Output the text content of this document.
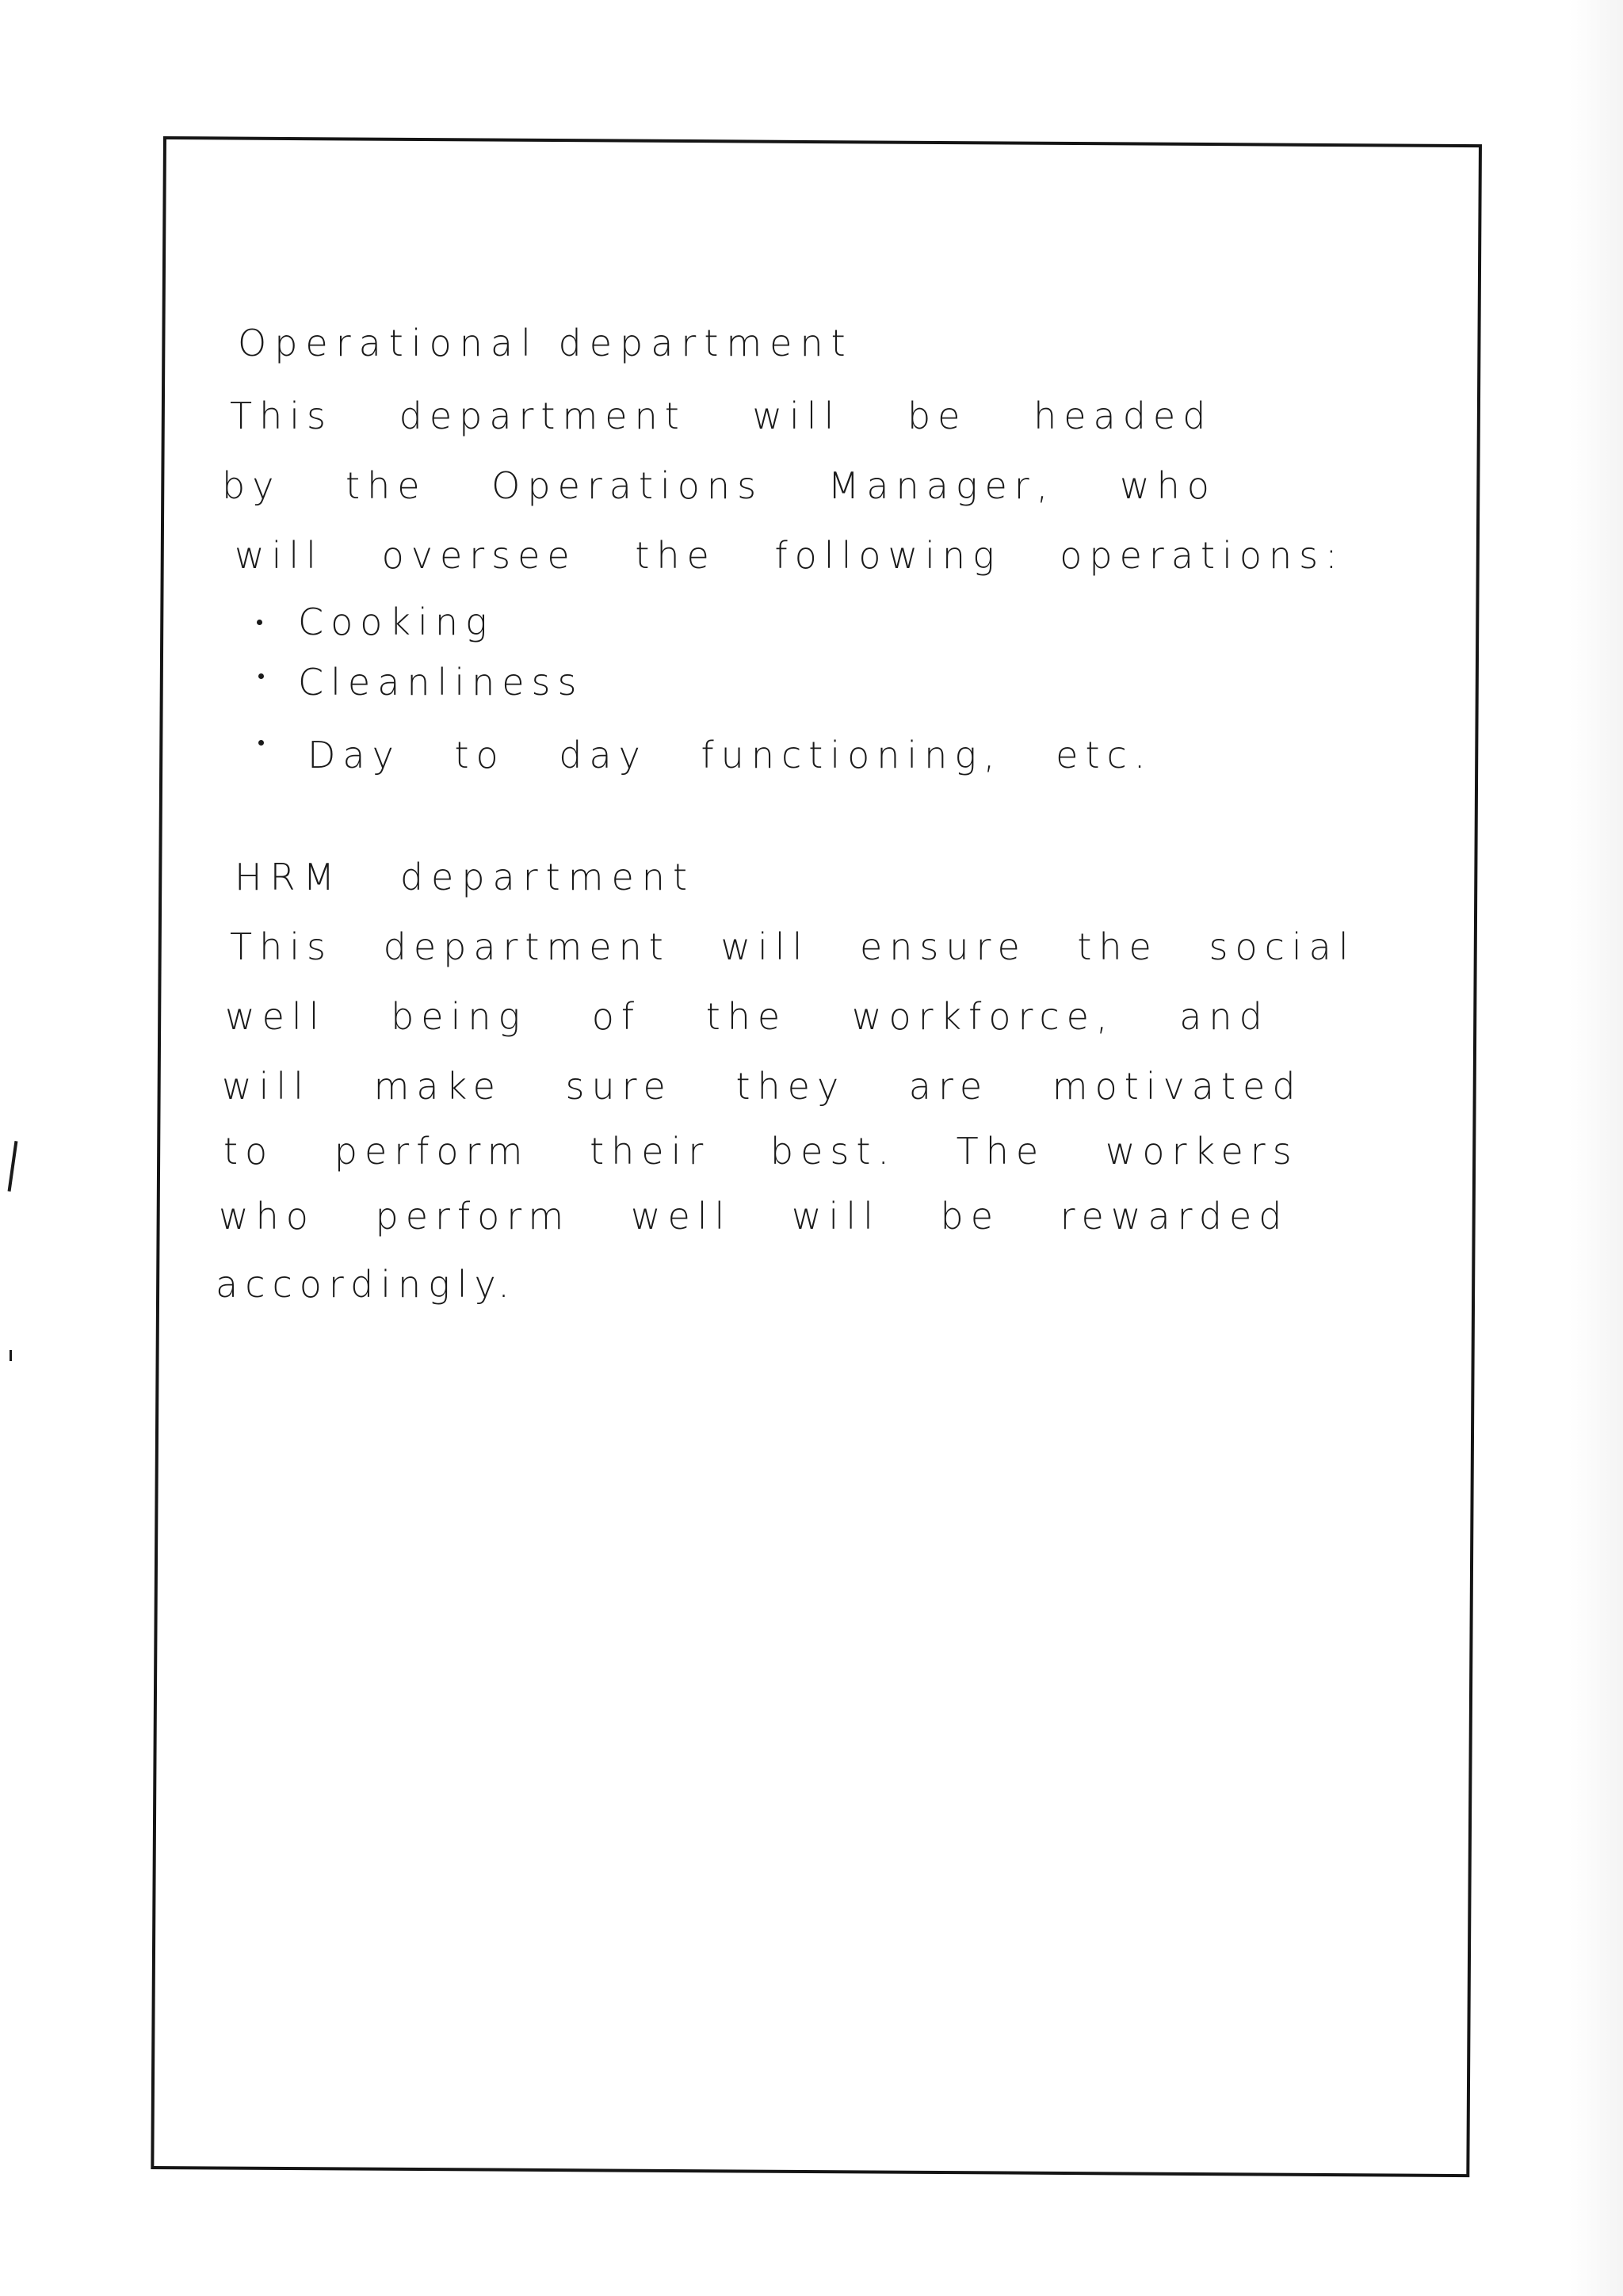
Operational department
This department will be headed
by the Operations Manager, who
will oversee the following operations:
Cooking
Cleanliness
Day to day functioning, etc.
HRM department
This department will ensure the social
well being of the workforce, and
will make sure they are motivated
to perform their best. The workers
who perform well will be rewarded
accordingly.
